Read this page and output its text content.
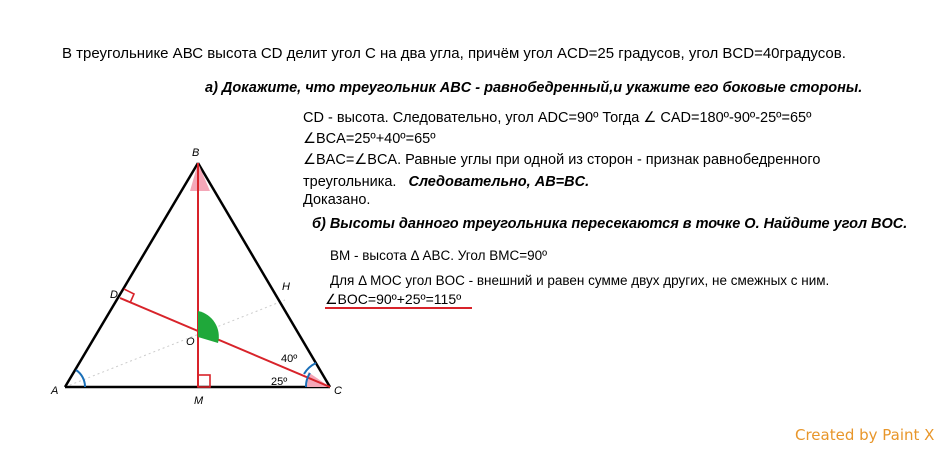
В треугольнике АВС высота CD делит угол С на два угла, причём угол ACD=25 градусов, угол BCD=40градусов.
а) Докажите, что треугольник ABC - равнобедренный,и укажите его боковые стороны.
CD - высота. Следовательно, угол ADC=90º Тогда ∠ CAD=180º-90º-25º=65º
∠BCA=25º+40º=65º
∠BAC=∠BCA. Равные углы при одной из сторон - признак равнобедренного
треугольника. Следовательно, AB=BC.
Доказано.
б) Высоты данного треугольника пересекаются в точке О. Найдите угол BOC.
BM - высота Δ ABC. Угол BMC=90º
Для Δ MOC угол BOC - внешний и равен сумме двух других, не смежных с ним.
∠BOC=90º+25º=115º
B
A	C
D
H
M
O
40º
25º
Created by Paint X
